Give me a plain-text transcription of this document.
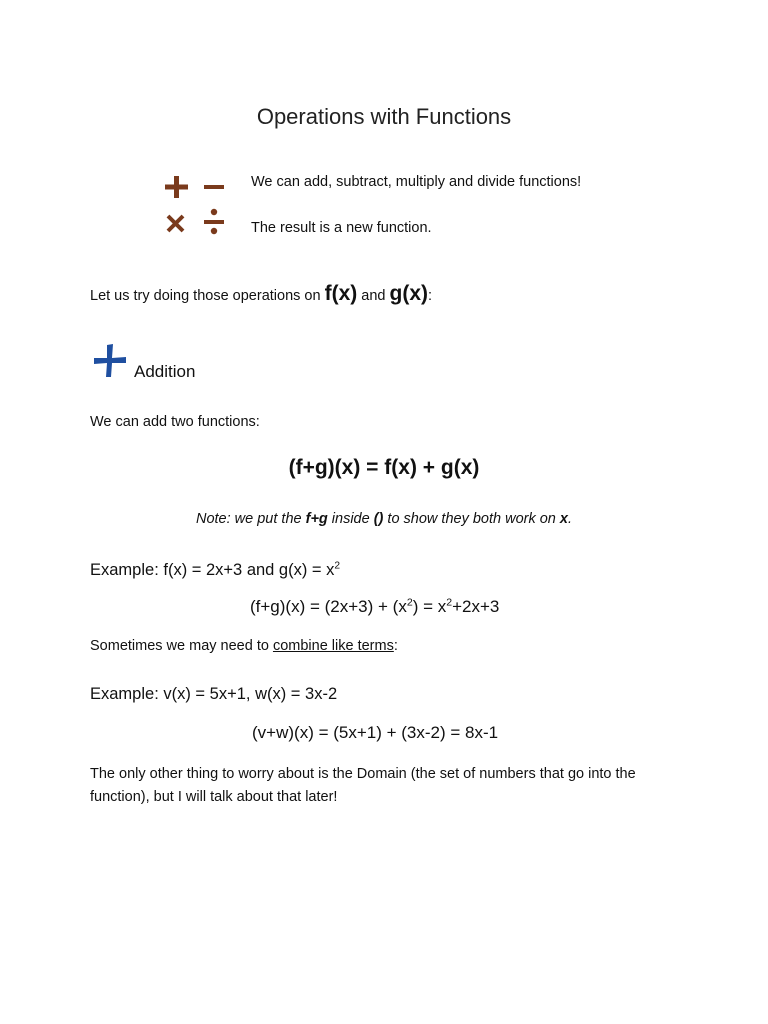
Operations with Functions
We can add, subtract, multiply and divide functions!
The result is a new function.
Let us try doing those operations on f(x) and g(x):
Addition
We can add two functions:
(f+g)(x) = f(x) + g(x)
Note: we put the f+g inside () to show they both work on x.
Example: f(x) = 2x+3 and $g(x) = x^2$
$(f+g)(x) = (2x+3) + (x^2) = x^2+2x+3$
Sometimes we may need to combine like terms:
Example: v(x) = 5x+1, w(x) = 3x-2
(v+w)(x) = (5x+1) + (3x-2) = 8x-1
The only other thing to worry about is the Domain (the set of numbers that go into the function), but I will talk about that later!
